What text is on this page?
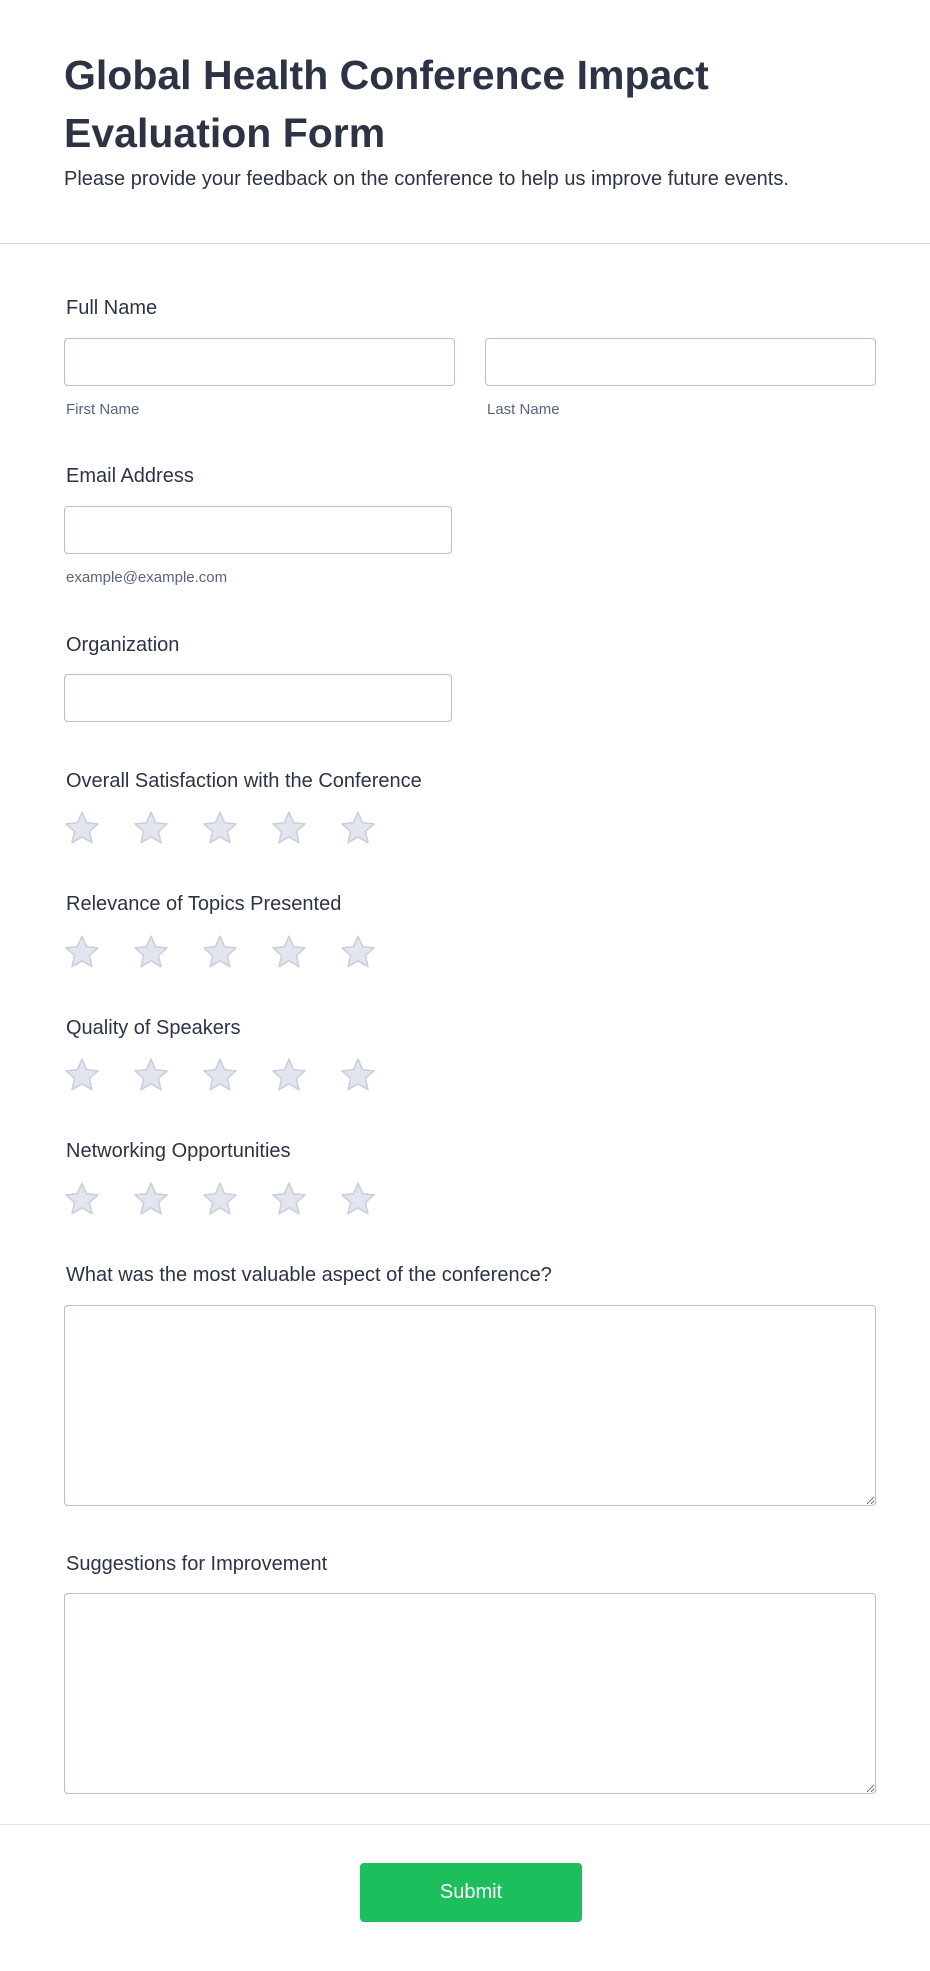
Global Health Conference Impact Evaluation Form

Please provide your feedback on the conference to help us improve future events.

Full Name

First Name	Last Name

Email Address

example@example.com

Organization

Overall Satisfaction with the Conference

Relevance of Topics Presented

Quality of Speakers

Networking Opportunities

What was the most valuable aspect of the conference?

Suggestions for Improvement

Submit
